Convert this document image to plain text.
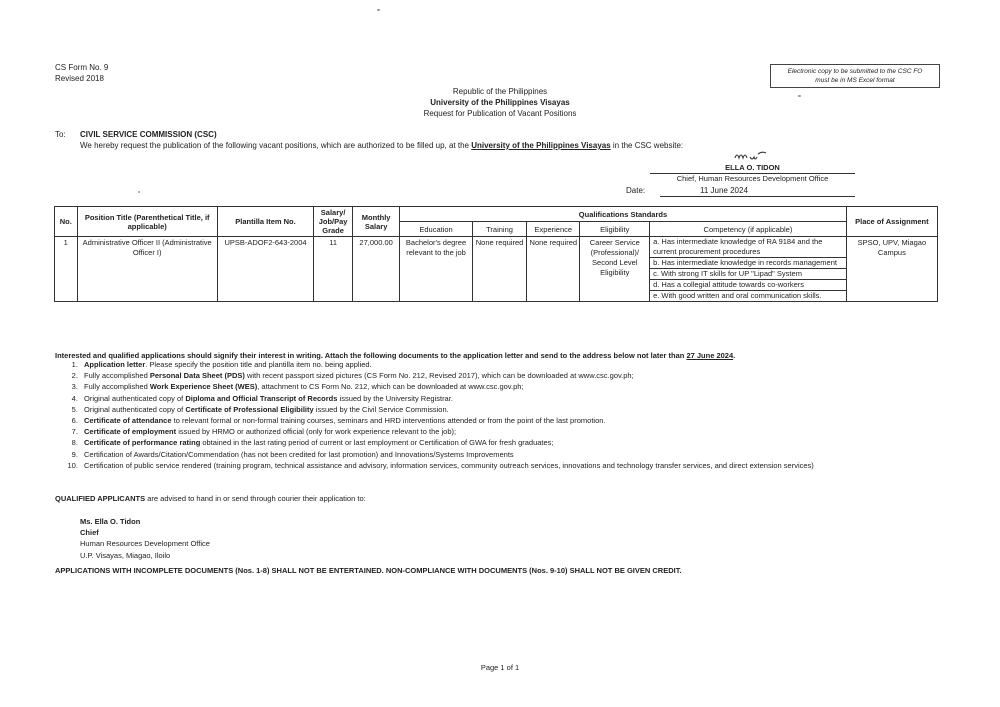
CS Form No. 9
Revised 2018
Electronic copy to be submitted to the CSC FO
must be in MS Excel format
Republic of the Philippines
University of the Philippines Visayas
Request for Publication of Vacant Positions
To: CIVIL SERVICE COMMISSION (CSC)
We hereby request the publication of the following vacant positions, which are authorized to be filled up, at the University of the Philippines Visayas in the CSC website:
ELLA O. TIDON
Chief, Human Resources Development Office
Date:	11 June 2024
No.	Position Title (Parenthetical Title, if applicable)	Plantilla Item No.	Salary/ Job/Pay Grade	Monthly Salary	Qualifications Standards					Place of Assignment
					Education	Training	Experience	Eligibility	Competency (if applicable)	
1	Administrative Officer II (Administrative Officer I)	UPSB-ADOF2-643-2004	11	27,000.00	Bachelor's degree relevant to the job	None required	None required	Career Service (Professional)/ Second Level Eligibility	a. Has intermediate knowledge of RA 9184 and the current procurement procedures
b. Has intermediate knowledge in records management
c. With strong IT skills for UP "Lipad" System
d. Has a collegial attitude towards co-workers
e. With good written and oral communication skills.	SPSO, UPV, Miagao Campus
Interested and qualified applications should signify their interest in writing. Attach the following documents to the application letter and send to the address below not later than 27 June 2024.
1. Application letter. Please specify the position title and plantilla item no. being applied.
2. Fully accomplished Personal Data Sheet (PDS) with recent passport sized pictures (CS Form No. 212, Revised 2017), which can be downloaded at www.csc.gov.ph;
3. Fully accomplished Work Experience Sheet (WES), attachment to CS Form No. 212, which can be downloaded at www.csc.gov.ph;
4. Original authenticated copy of Diploma and Official Transcript of Records issued by the University Registrar.
5. Original authenticated copy of Certificate of Professional Eligibility issued by the Civil Service Commission.
6. Certificate of attendance to relevant formal or non-formal training courses, seminars and HRD interventions attended or from the point of the last promotion.
7. Certificate of employment issued by HRMO or authorized official (only for work experience relevant to the job);
8. Certificate of performance rating obtained in the last rating period of current or last employment or Certification of GWA for fresh graduates;
9. Certification of Awards/Citation/Commendation (has not been credited for last promotion) and Innovations/Systems Improvements
10. Certification of public service rendered (training program, technical assistance and advisory, information services, community outreach services, innovations and technology transfer services, and direct extension services)
QUALIFIED APPLICANTS are advised to hand in or send through courier their application to:
Ms. Ella O. Tidon
Chief
Human Resources Development Office
U.P. Visayas, Miagao, Iloilo
APPLICATIONS WITH INCOMPLETE DOCUMENTS (Nos. 1-8) SHALL NOT BE ENTERTAINED. NON-COMPLIANCE WITH DOCUMENTS (Nos. 9-10) SHALL NOT BE GIVEN CREDIT.
Page 1 of 1
